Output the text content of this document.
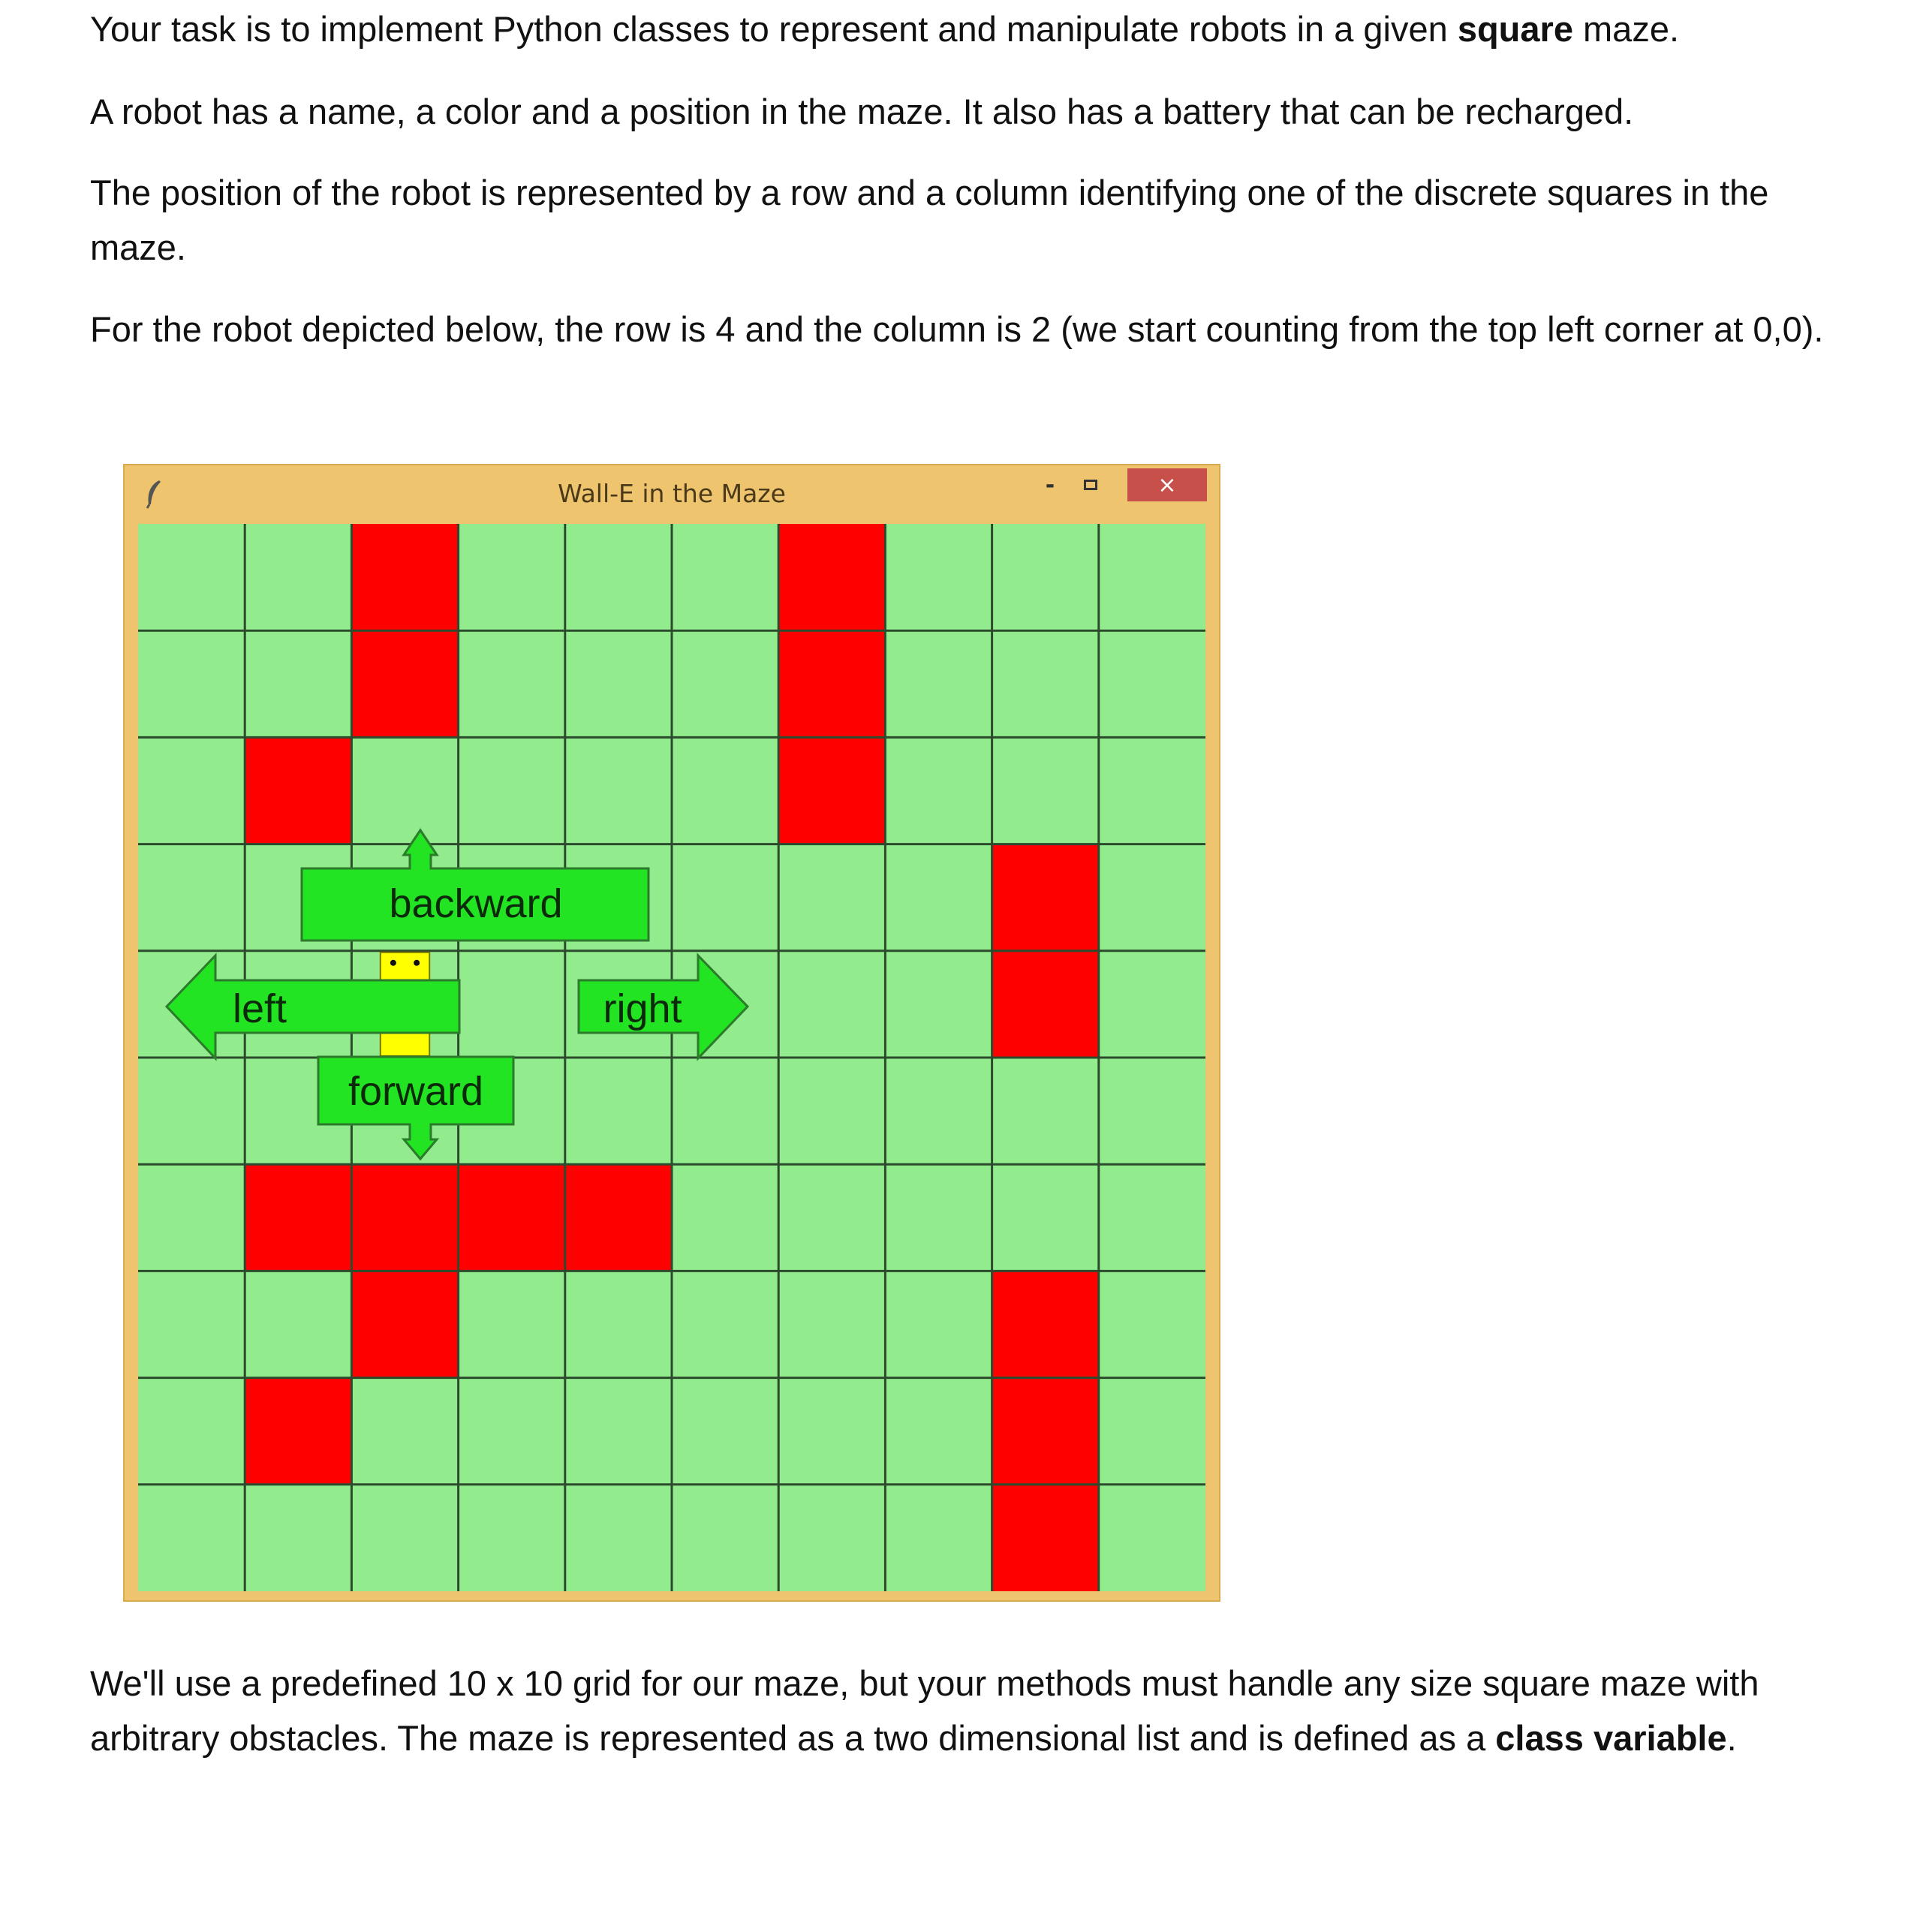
Your task is to implement Python classes to represent and manipulate robots in a given square maze.

A robot has a name, a color and a position in the maze. It also has a battery that can be recharged.

The position of the robot is represented by a row and a column identifying one of the discrete squares in the maze.

For the robot depicted below, the row is 4 and the column is 2 (we start counting from the top left corner at 0,0).

Wall-E in the Maze	-	×
backward
left	right
forward

We'll use a predefined 10 x 10 grid for our maze, but your methods must handle any size square maze with arbitrary obstacles. The maze is represented as a two dimensional list and is defined as a class variable.
